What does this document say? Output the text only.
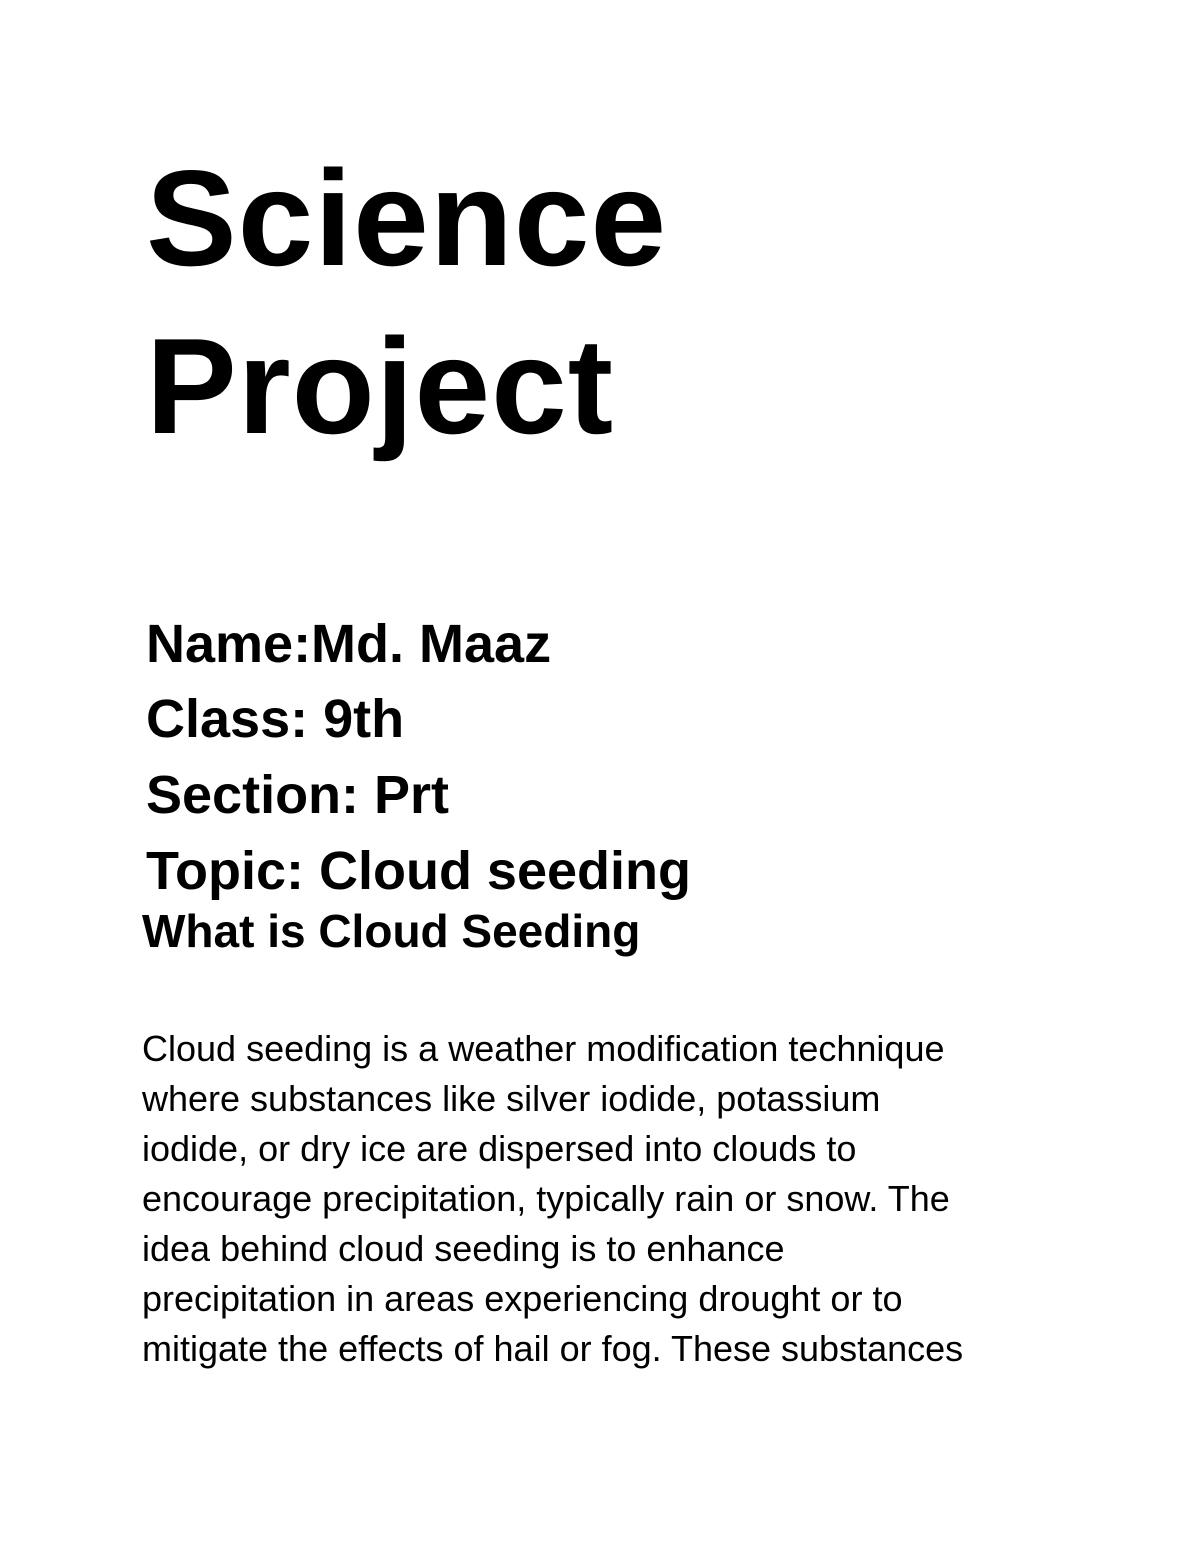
Science
Project

Name:Md. Maaz

Class: 9th

Section: Prt

Topic: Cloud seeding

What is Cloud Seeding

Cloud seeding is a weather modification technique
where substances like silver iodide, potassium
iodide, or dry ice are dispersed into clouds to
encourage precipitation, typically rain or snow. The
idea behind cloud seeding is to enhance
precipitation in areas experiencing drought or to
mitigate the effects of hail or fog. These substances
